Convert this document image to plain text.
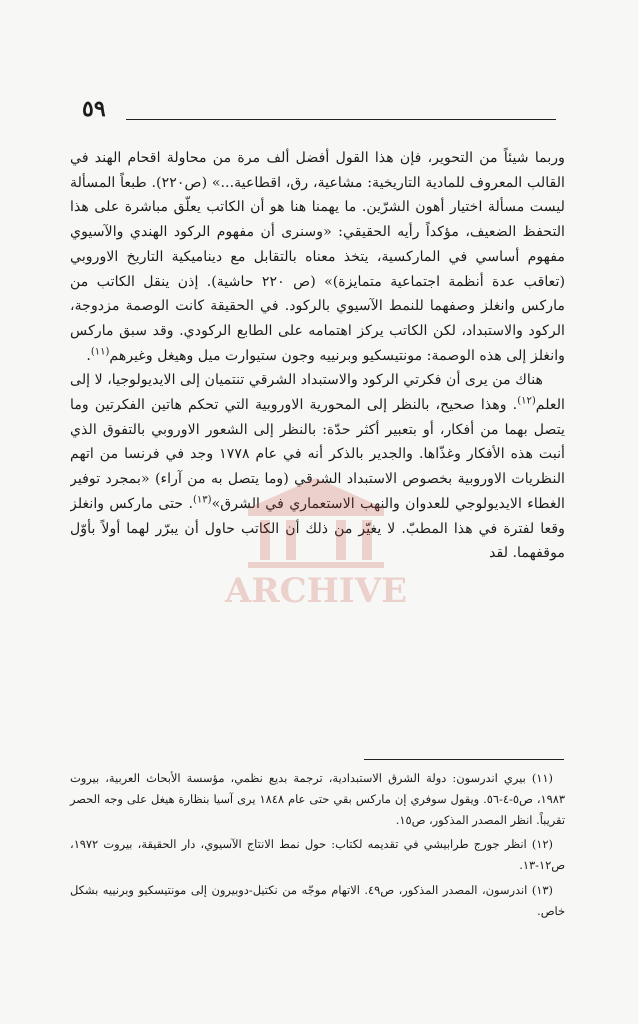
٥٩

وربما شيئاً من التحوير، فإن هذا القول أفضل ألف مرة من محاولة اقحام الهند في القالب المعروف للمادية التاريخية: مشاعية، رق، اقطاعية...» (ص٢٢٠). طبعاً المسألة ليست مسألة اختيار أهون الشرّين. ما يهمنا هنا هو أن الكاتب يعلّق مباشرة على هذا التحفظ الضعيف، مؤكداً رأيه الحقيقي: «وسنرى أن مفهوم الركود الهندي والآسيوي مفهوم أساسي في الماركسية، يتخذ معناه بالتقابل مع ديناميكية التاريخ الاوروبي (تعاقب عدة أنظمة اجتماعية متمايزة)» (ص ٢٢٠ حاشية). إذن ينقل الكاتب من ماركس وانغلز وصفهما للنمط الآسيوي بالركود. في الحقيقة كانت الوصمة مزدوجة، الركود والاستبداد، لكن الكاتب يركز اهتمامه على الطابع الركودي. وقد سبق ماركس وانغلز إلى هذه الوصمة: مونتيسكيو وبرنييه وجون ستيوارت ميل وهيغل وغيرهم$^{(١١)}$.

هناك من يرى أن فكرتي الركود والاستبداد الشرقي تنتميان إلى الايديولوجيا، لا إلى العلم$^{(١٢)}$. وهذا صحيح، بالنظر إلى المحورية الاوروبية التي تحكم هاتين الفكرتين وما يتصل بهما من أفكار، أو بتعبير أكثر حدّة: بالنظر إلى الشعور الاوروبي بالتفوق الذي أنبت هذه الأفكار وغذّاها. والجدير بالذكر أنه في عام ١٧٧٨ وجد في فرنسا من اتهم النظريات الاوروبية بخصوص الاستبداد الشرقي (وما يتصل به من آراء) «بمجرد توفير الغطاء الايديولوجي للعدوان والنهب الاستعماري في الشرق»$^{(١٣)}$. حتى ماركس وانغلز وقعا لفترة في هذا المطبّ. لا يغيّر من ذلك أن الكاتب حاول أن يبرّر لهما أولاً بأوّل موقفهما. لقد

(١١) بيري اندرسون: دولة الشرق الاستبدادية، ترجمة بديع نظمي، مؤسسة الأبحاث العربية، بيروت ١٩٨٣، ص٥-٤-٥٦. ويقول سوفري إن ماركس بقي حتى عام ١٨٤٨ يرى آسيا بنظارة هيغل على وجه الحصر تقريباً. انظر المصدر المذكور، ص١٥.

(١٢) انظر جورج طرابيشي في تقديمه لكتاب: حول نمط الانتاج الآسيوي، دار الحقيقة، بيروت ١٩٧٢، ص١٢-١٣.

(١٣) اندرسون، المصدر المذكور، ص٤٩. الاتهام موجّه من نكتيل-دوبيرون إلى مونتيسكيو وبرنييه بشكل خاص.

ARCHIVE
